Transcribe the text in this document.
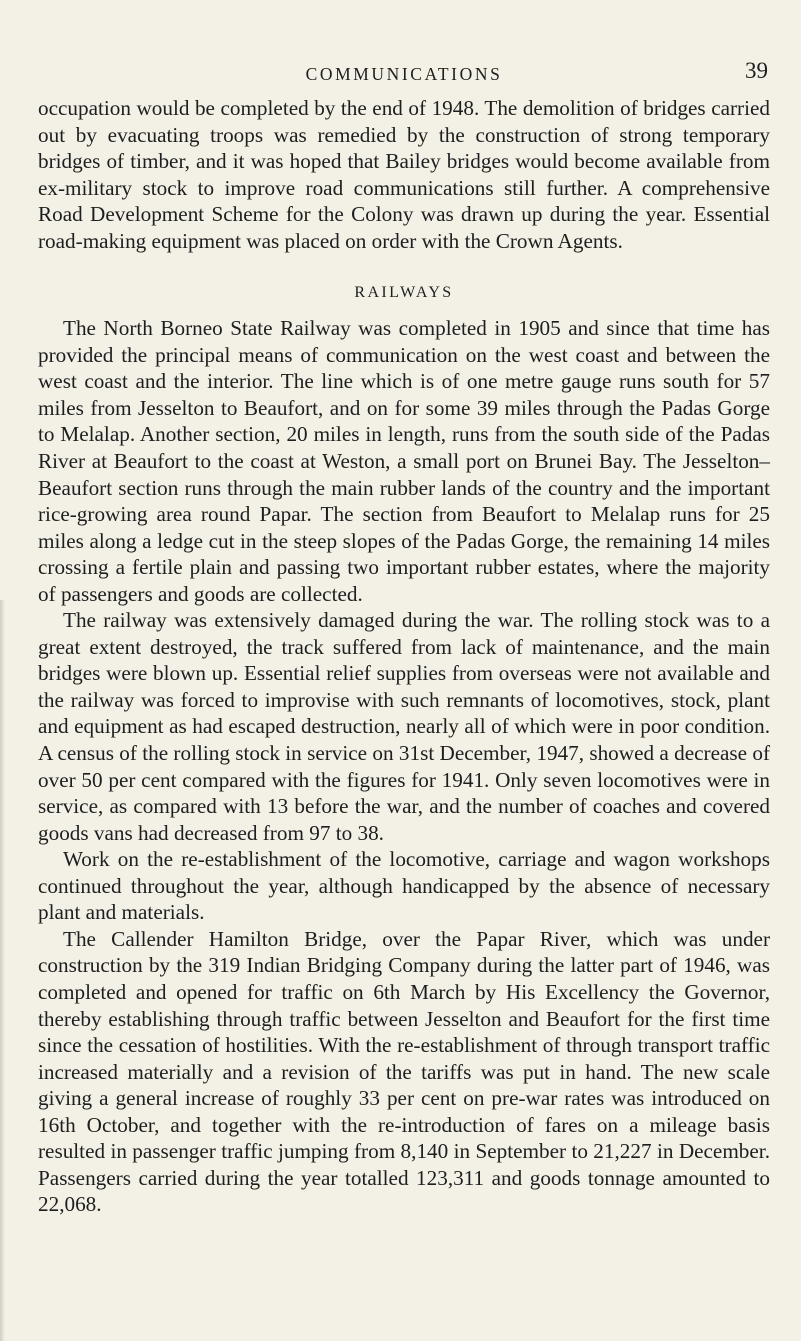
COMMUNICATIONS	39

occupation would be completed by the end of 1948. The demolition of bridges carried out by evacuating troops was remedied by the construction of strong temporary bridges of timber, and it was hoped that Bailey bridges would become available from ex-military stock to improve road communications still further. A comprehensive Road Development Scheme for the Colony was drawn up during the year. Essential road-making equipment was placed on order with the Crown Agents.

RAILWAYS

The North Borneo State Railway was completed in 1905 and since that time has provided the principal means of communication on the west coast and between the west coast and the interior. The line which is of one metre gauge runs south for 57 miles from Jesselton to Beaufort, and on for some 39 miles through the Padas Gorge to Melalap. Another section, 20 miles in length, runs from the south side of the Padas River at Beaufort to the coast at Weston, a small port on Brunei Bay. The Jesselton–Beaufort section runs through the main rubber lands of the country and the important rice-growing area round Papar. The section from Beaufort to Melalap runs for 25 miles along a ledge cut in the steep slopes of the Padas Gorge, the remaining 14 miles crossing a fertile plain and passing two important rubber estates, where the majority of passengers and goods are collected.

The railway was extensively damaged during the war. The rolling stock was to a great extent destroyed, the track suffered from lack of maintenance, and the main bridges were blown up. Essential relief supplies from overseas were not available and the railway was forced to improvise with such remnants of locomotives, stock, plant and equipment as had escaped destruction, nearly all of which were in poor condition. A census of the rolling stock in service on 31st December, 1947, showed a decrease of over 50 per cent compared with the figures for 1941. Only seven locomotives were in service, as compared with 13 before the war, and the number of coaches and covered goods vans had decreased from 97 to 38.

Work on the re-establishment of the locomotive, carriage and wagon workshops continued throughout the year, although handicapped by the absence of necessary plant and materials.

The Callender Hamilton Bridge, over the Papar River, which was under construction by the 319 Indian Bridging Company during the latter part of 1946, was completed and opened for traffic on 6th March by His Excellency the Governor, thereby establishing through traffic between Jesselton and Beaufort for the first time since the cessation of hostilities. With the re-establishment of through transport traffic increased materially and a revision of the tariffs was put in hand. The new scale giving a general increase of roughly 33 per cent on pre-war rates was introduced on 16th October, and together with the re-introduction of fares on a mileage basis resulted in passenger traffic jumping from 8,140 in September to 21,227 in December. Passengers carried during the year totalled 123,311 and goods tonnage amounted to 22,068.
